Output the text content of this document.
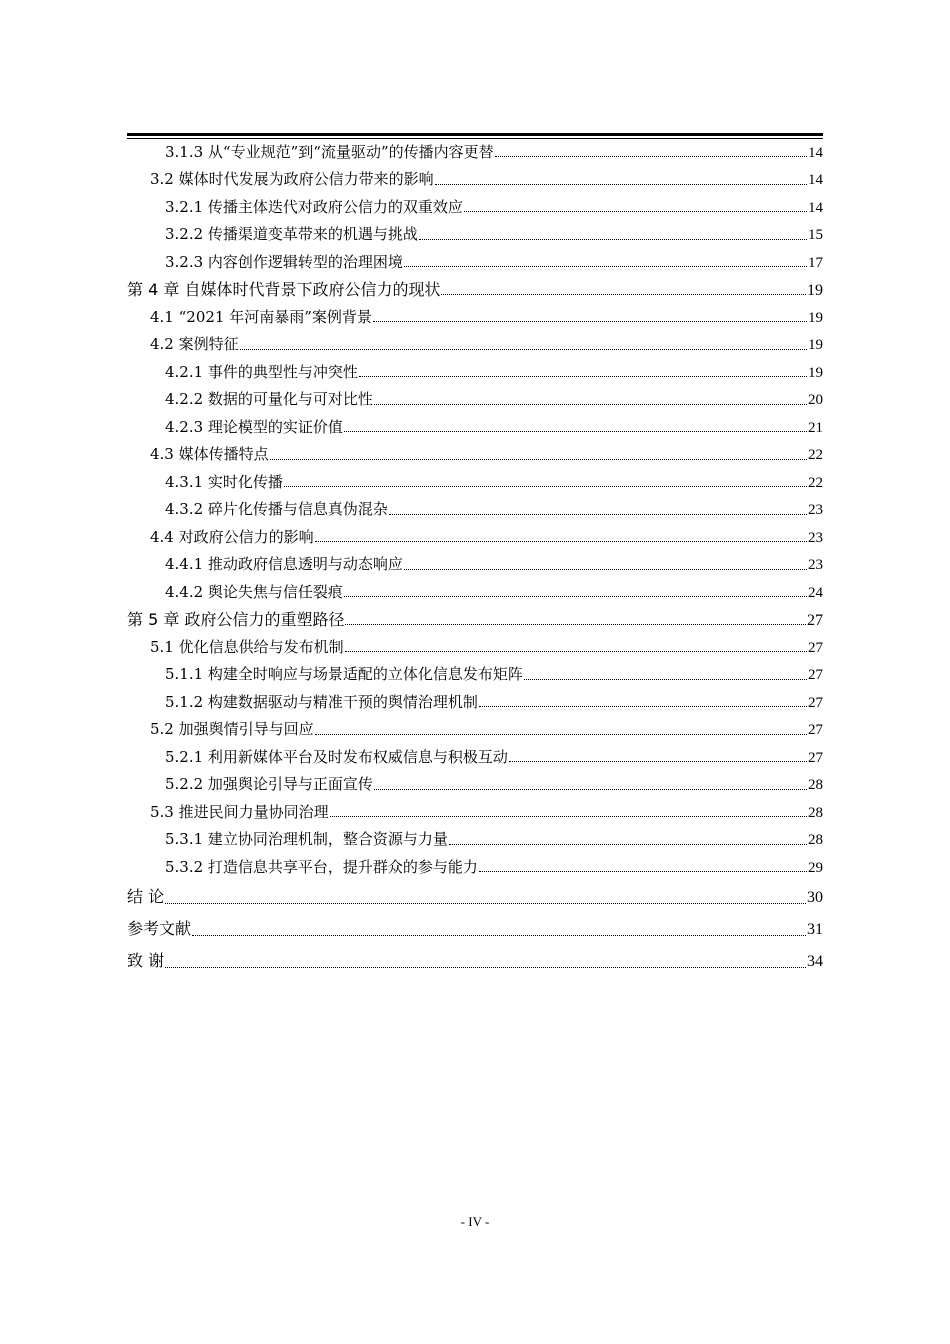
3.1.3 从“专业规范”到“流量驱动”的传播内容更替	14
3.2 媒体时代发展为政府公信力带来的影响	14
3.2.1 传播主体迭代对政府公信力的双重效应	14
3.2.2 传播渠道变革带来的机遇与挑战	15
3.2.3 内容创作逻辑转型的治理困境	17
第 4 章 自媒体时代背景下政府公信力的现状	19
4.1 “2021 年河南暴雨”案例背景	19
4.2 案例特征	19
4.2.1 事件的典型性与冲突性	19
4.2.2 数据的可量化与可对比性	20
4.2.3 理论模型的实证价值	21
4.3 媒体传播特点	22
4.3.1 实时化传播	22
4.3.2 碎片化传播与信息真伪混杂	23
4.4 对政府公信力的影响	23
4.4.1 推动政府信息透明与动态响应	23
4.4.2 舆论失焦与信任裂痕	24
第 5 章 政府公信力的重塑路径	27
5.1 优化信息供给与发布机制	27
5.1.1 构建全时响应与场景适配的立体化信息发布矩阵	27
5.1.2 构建数据驱动与精准干预的舆情治理机制	27
5.2 加强舆情引导与回应	27
5.2.1 利用新媒体平台及时发布权威信息与积极互动	27
5.2.2 加强舆论引导与正面宣传	28
5.3 推进民间力量协同治理	28
5.3.1 建立协同治理机制，整合资源与力量	28
5.3.2 打造信息共享平台，提升群众的参与能力	29
结 论	30
参考文献	31
致 谢	34
- IV -
